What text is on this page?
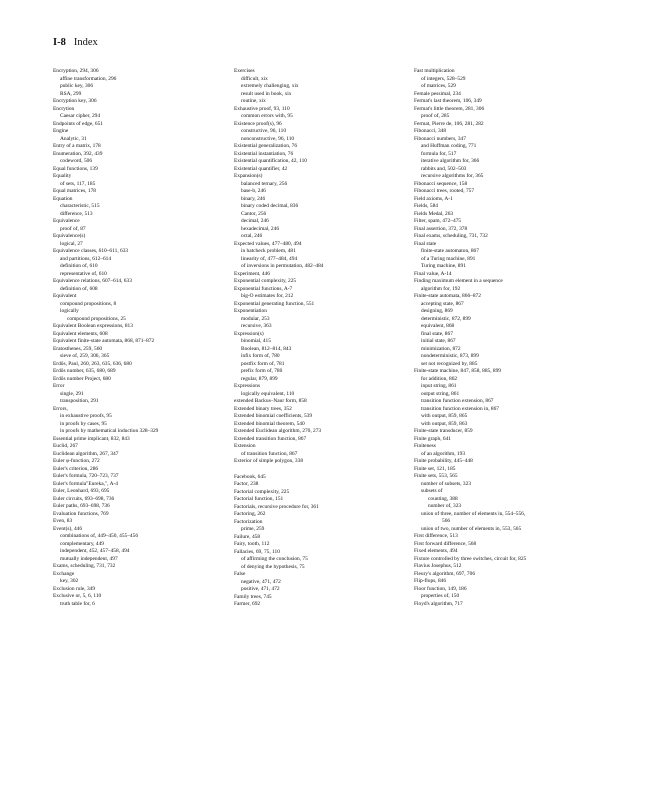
I-8 Index
Encryption, 294, 306
affine transformation, 296
public key, 306
RSA, 299
Encryption key, 306
Encrytion
Caesar cipher, 294
Endpoints of edge, 651
Engine
Analytic, 31
Entry of a matrix, 178
Enumeration, 392, 439
codeword, 506
Equal functions, 139
Equality
of sets, 117, 185
Equal matrices, 178
Equation
characteristic, 515
difference, 513
Equivalence
proof of, 87
Equivalence(s)
logical, 27
Equivalence classes, 610–611, 633
and partitions, 612–614
definition of, 610
representative of, 610
Equivalence relations, 607–614, 633
definition of, 608
Equivalent
compound propositions, 8
logically
compound propositions, 25
Equivalent Boolean expressions, 813
Equivalent elements, 608
Equivalent finite-state automata, 868, 871–872
Eratosthenes, 259, 560
sieve of, 259, 306, 365
Erdős, Paul, 260, 263, 635, 636, 680
Erdős number, 635, 680, 689
Erdős number Project, 680
Error
single, 291
transposition, 291
Errors,
in exhaustive proofs, 95
in proofs by cases, 95
in proofs by mathematical induction 328–329
Essential prime implicant, 832, 843
Euclid, 267
Euclidean algorithm, 267, 347
Euler φ-function, 272
Euler's criterion, 286
Euler's formula, 720–723, 737
Euler's formula"Eureka,", A-4
Euler, Leonhard, 693, 695
Euler circuits, 693–698, 736
Euler paths, 693–698, 736
Evaluation functions, 769
Even, 83
Event(s), 446
combinations of, 449–450, 455–456
complementary, 449
independent, 452, 457–458, 494
mutually independent, 497
Exams, scheduling, 731, 732
Exchange
key, 302
Exclusion rule, 349
Exclusive or, 5, 6, 110
truth table for, 6
Exercises
difficult, xix
extremely challenging, xix
result used in book, xix
routine, xix
Exhaustive proof, 93, 110
common errors with, 95
Existence proof(s), 96
constructive, 96, 110
nonconstructive, 96, 110
Existential generalization, 76
Existential instantiation, 76
Existential quantification, 42, 110
Existential quantifier, 42
Expansion(s)
balanced ternary, 256
base-b, 246
binary, 246
binary coded decimal, 836
Cantor, 256
decimal, 246
hexadecimal, 246
octal, 246
Expected values, 477–480, 494
in hatcheck problem, 481
linearity of, 477–484, 494
of inversions in permutation, 482–484
Experiment, 446
Exponential complexity, 225
Exponential functions, A-7
big-O estimates for, 212
Exponential generating function, 551
Exponentiation
modular, 253
recursive, 363
Expression(s)
binomial, 415
Boolean, 812–814, 843
infix form of, 780
postfix form of, 781
prefix form of, 780
regular, 879, 899
Expressions
logically equivalent, 110
extended Backus–Naur form, 858
Extended binary trees, 352
Extended binomial coefficients, 539
Extended binomial theorem, 540
Extended Euclidean algorithm, 270, 273
Extended transition function, 867
Extension
of transition function, 867
Exterior of simple polygon, 338
Facebook, 645
Factor, 238
Factorial complexity, 225
Factorial function, 151
Factorials, recursive procedure for, 361
Factoring, 262
Factorization
prime, 259
Failure, 458
Fairy, tooth, 112
Fallacies, 69, 75, 110
of affirming the conclusion, 75
of denying the hypothesis, 75
False
negative, 471, 472
positive, 471, 472
Family trees, 745
Farmer, 692
Fast multiplication
of integers, 528–529
of matrices, 529
Female pessimal, 234
Fermat's last theorem, 106, 349
Fermat's little theorem, 281, 306
proof of, 285
Fermat, Pierre de, 106, 281, 282
Fibonacci, 348
Fibonacci numbers, 347
and Huffman coding, 771
formula for, 517
iterative algorithm for, 366
rabbits and, 502–503
recursive algorithms for, 365
Fibonacci sequence, 158
Fibonacci trees, rooted, 757
Field axioms, A-1
Fields, 584
Fields Medal, 263
Filter, spam, 472–475
Final assertion, 372, 378
Final exams, scheduling, 731, 732
Final state
finite-state automaton, 867
of a Turing machine, 891
Turing machine, 891
Final value, A-14
Finding maximum element in a sequence
algorithm for, 192
Finite-state automata, 866–872
accepting state, 867
designing, 869
deterministic, 872, 899
equivalent, 868
final state, 867
initial state, 867
minimization, 872
nondeterministic, 873, 899
set not recognized by, 885
Finite-state machine, 847, 858, 885, 899
for addition, 862
input string, 861
output string, 861
transition function extension, 867
transition function extension in, 867
with output, 859, 865
with output, 859, 863
Finite-state transducer, 859
Finite graph, 641
Finiteness
of an algorithm, 193
Finite probability, 445–448
Finite set, 121, 185
Finite sets, 553, 565
number of subsets, 323
subsets of
counting, 388
number of, 323
union of three, number of elements in, 554–556,
566
union of two, number of elements in, 553, 565
First difference, 513
First forward difference, 568
Fixed elements, 494
Fixture controlled by three switches, circuit for, 825
Flavius Josephus, 512
Fleury's algorithm, 697, 706
Flip-flops, 846
Floor function, 149, 186
properties of, 150
Floyd's algorithm, 717
